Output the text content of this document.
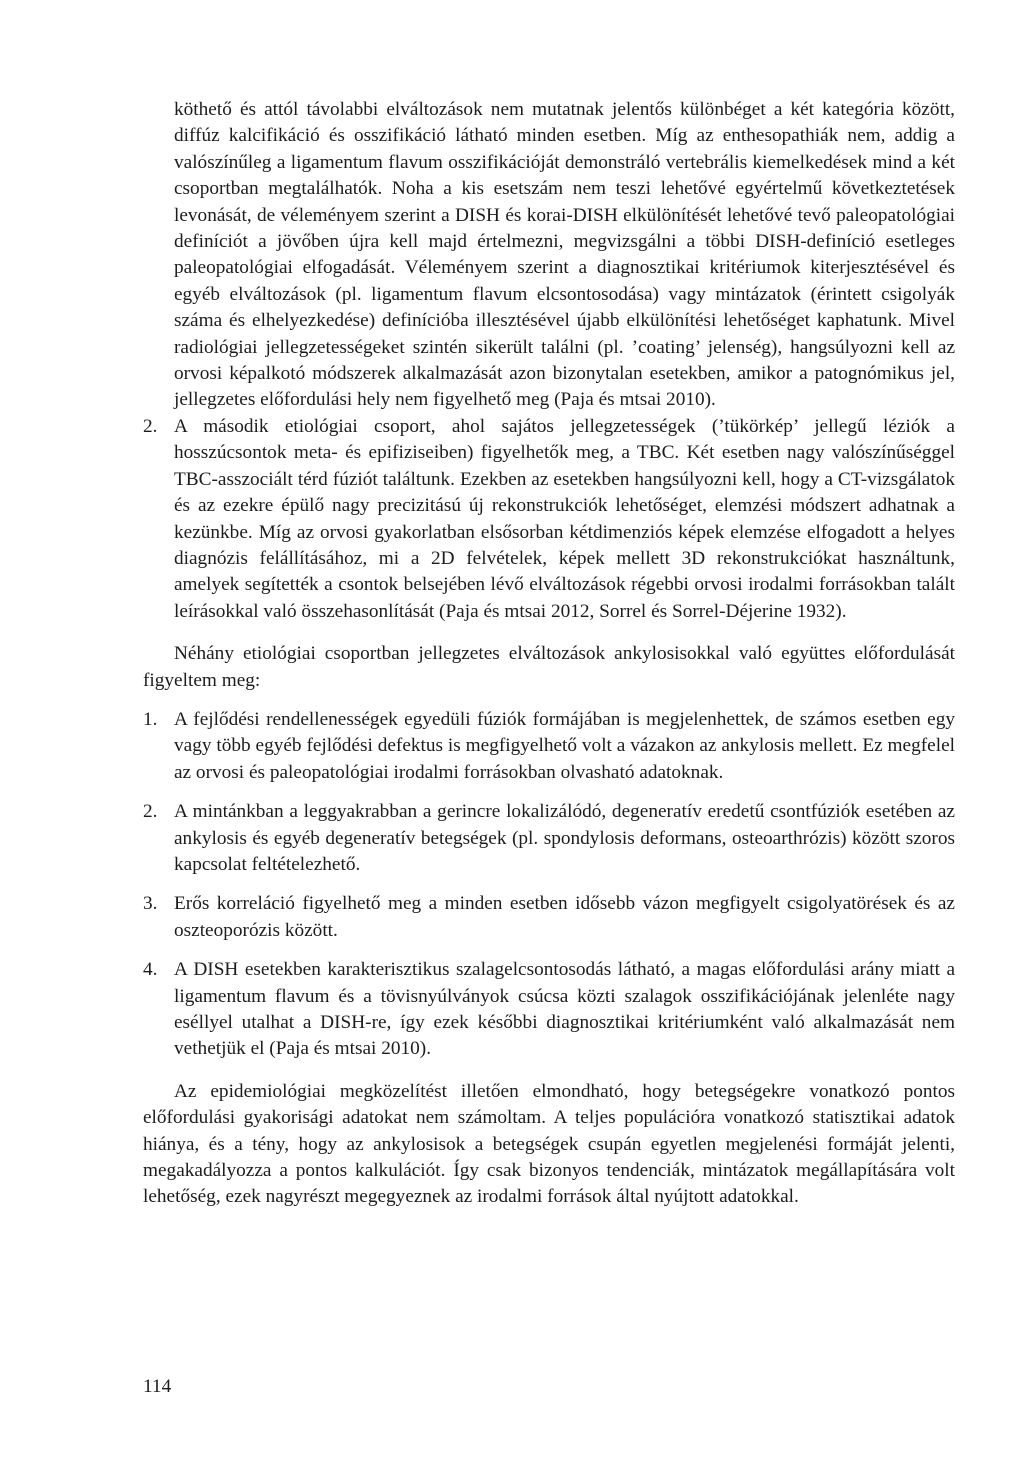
köthető és attól távolabbi elváltozások nem mutatnak jelentős különbéget a két kategória között, diffúz kalcifikáció és osszifikáció látható minden esetben. Míg az enthesopathiák nem, addig a valószínűleg a ligamentum flavum osszifikációját demonstráló vertebrális kiemelkedések mind a két csoportban megtalálhatók. Noha a kis esetszám nem teszi lehetővé egyértelmű következtetések levonását, de véleményem szerint a DISH és korai-DISH elkülönítését lehetővé tevő paleopatológiai definíciót a jövőben újra kell majd értelmezni, megvizsgálni a többi DISH-definíció esetleges paleopatológiai elfogadását. Véleményem szerint a diagnosztikai kritériumok kiterjesztésével és egyéb elváltozások (pl. ligamentum flavum elcsontosodása) vagy mintázatok (érintett csigolyák száma és elhelyezkedése) definícióba illesztésével újabb elkülönítési lehetőséget kaphatunk. Mivel radiológiai jellegzetességeket szintén sikerült találni (pl. ’coating’ jelenség), hangsúlyozni kell az orvosi képalkotó módszerek alkalmazását azon bizonytalan esetekben, amikor a patognómikus jel, jellegzetes előfordulási hely nem figyelhető meg (Paja és mtsai 2010).

2. A második etiológiai csoport, ahol sajátos jellegzetességek (’tükörkép’ jellegű léziók a hosszúcsontok meta- és epifiziseiben) figyelhetők meg, a TBC. Két esetben nagy valószínűséggel TBC-asszociált térd fúziót találtunk. Ezekben az esetekben hangsúlyozni kell, hogy a CT-vizsgálatok és az ezekre épülő nagy precizitású új rekonstrukciók lehetőséget, elemzési módszert adhatnak a kezünkbe. Míg az orvosi gyakorlatban elsősorban kétdimenziós képek elemzése elfogadott a helyes diagnózis felállításához, mi a 2D felvételek, képek mellett 3D rekonstrukciókat használtunk, amelyek segítették a csontok belsejében lévő elváltozások régebbi orvosi irodalmi forrásokban talált leírásokkal való összehasonlítását (Paja és mtsai 2012, Sorrel és Sorrel-Déjerine 1932).

Néhány etiológiai csoportban jellegzetes elváltozások ankylosisokkal való együttes előfordulását figyeltem meg:

1. A fejlődési rendellenességek egyedüli fúziók formájában is megjelenhettek, de számos esetben egy vagy több egyéb fejlődési defektus is megfigyelhető volt a vázakon az ankylosis mellett. Ez megfelel az orvosi és paleopatológiai irodalmi forrásokban olvasható adatoknak.

2. A mintánkban a leggyakrabban a gerincre lokalizálódó, degeneratív eredetű csontfúziók esetében az ankylosis és egyéb degeneratív betegségek (pl. spondylosis deformans, osteoarthrózis) között szoros kapcsolat feltételezhető.

3. Erős korreláció figyelhető meg a minden esetben idősebb vázon megfigyelt csigolyatörések és az oszteoporózis között.

4. A DISH esetekben karakterisztikus szalagelcsontosodás látható, a magas előfordulási arány miatt a ligamentum flavum és a tövisnyúlványok csúcsa közti szalagok osszifikációjának jelenléte nagy eséllyel utalhat a DISH-re, így ezek későbbi diagnosztikai kritériumként való alkalmazását nem vethetjük el (Paja és mtsai 2010).

Az epidemiológiai megközelítést illetően elmondható, hogy betegségekre vonatkozó pontos előfordulási gyakorisági adatokat nem számoltam. A teljes populációra vonatkozó statisztikai adatok hiánya, és a tény, hogy az ankylosisok a betegségek csupán egyetlen megjelenési formáját jelenti, megakadályozza a pontos kalkulációt. Így csak bizonyos tendenciák, mintázatok megállapítására volt lehetőség, ezek nagyrészt megegyeznek az irodalmi források által nyújtott adatokkal.

114
